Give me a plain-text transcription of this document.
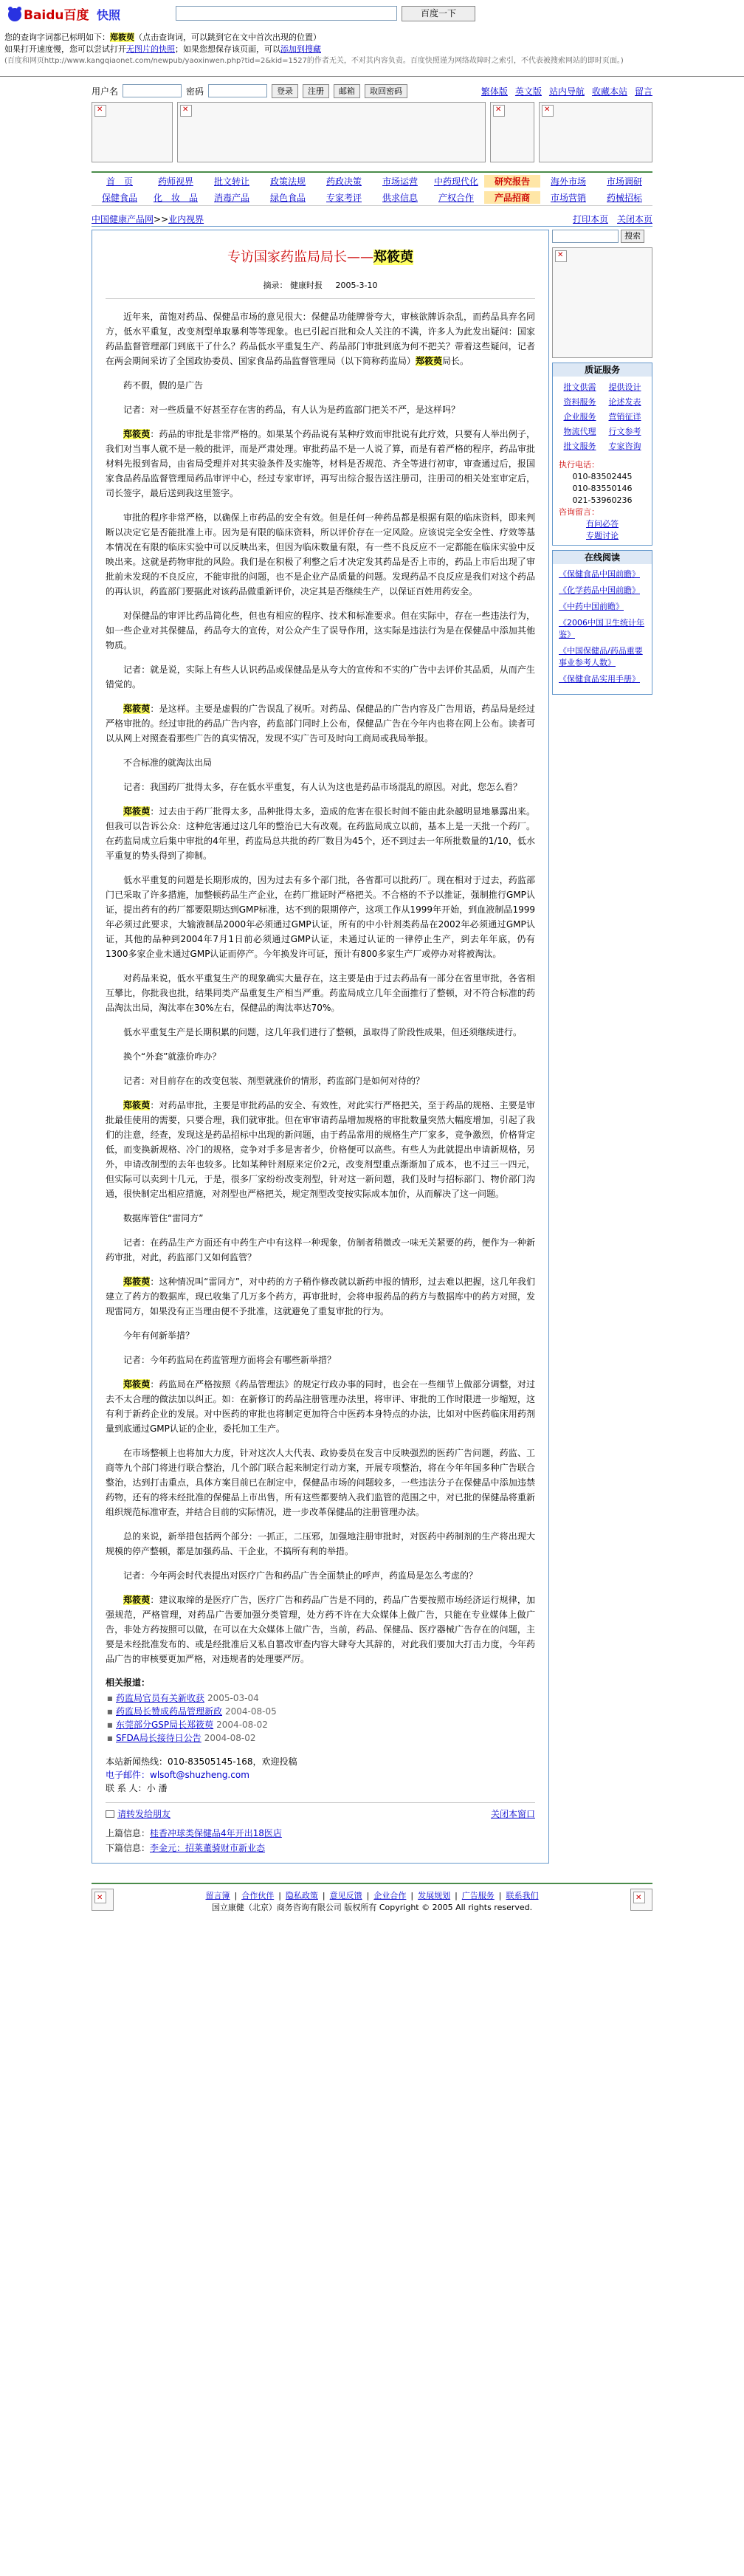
Baidu百度 快照	百度一下
您的查询字词都已标明如下：郑筱萸（点击查询词，可以跳到它在文中首次出现的位置）
如果打开速度慢，您可以尝试打开无图片的快照；如果您想保存该页面，可以添加到搜藏
(百度和网页http://www.kangqiaonet.com/newpub/yaoxinwen.php?tid=2&kid=1527的作者无关，不对其内容负责。百度快照谨为网络故障时之索引，不代表被搜索网站的即时页面。)
用户名	密码	登录	注册	邮箱	取回密码	繁体版 英文版 站内导航 收藏本站 留言
✕
✕
✕
✕
首　页	药师视界	批文转让	政策法规	药政决策	市场运营	中药现代化	研究报告	海外市场	市场调研
保健食品	化　妆　品	消毒产品	绿色食品	专家考评	供求信息	产权合作	产品招商	市场营销	药械招标
中国健康产品网 >> 业内视界	打印本页 关闭本页
专访国家药监局局长——郑筱萸
摘录： 健康时报 2005-3-10
近年来，苗饱对药品、保健品市场的意见很大：保健品功能牌誉夸大，审核欲牌诉杂乱，而药品具弃名同方，低水平重复，改变剂型单取暴利等等现象。也已引起百批和众人关注的不满，许多人为此发出疑问：国家药品监督管理部门到底干了什么？药品低水平重复生产、药品部门审批到底为何不把关？带着这些疑问，记者在两会期间采访了全国政协委员、国家食品药品监督管理局（以下简称药监局）郑筱萸局长。
药不假，假的是广告
记者：对一些质量不好甚至存在害的药品，有人认为是药监部门把关不严，是这样吗？
郑筱萸：药品的审批是非常严格的。如果某个药品说有某种疗效而审批说有此疗效，只要有人举出例子，我们对当事人就不是一般的批评，而是严肃处理。审批药品不是一人说了算，而是有着严格的程序，药品审批材料先报到省局，由省局受理并对其实验条件及实施等，材料是否规范、齐全等进行初审，审查通过后，报国家食品药品监督管理局药品审评中心，经过专家审评，再写出综合报告送注册司，注册司的相关处室审定后，司长签字，最后送到我这里签字。
审批的程序非常严格，以确保上市药品的安全有效。但是任何一种药品都是根据有限的临床资料，即来判断以决定它是否能批准上市。因为是有限的临床资料，所以评价存在一定风险。应该说完全安全性、疗效等基本情况在有限的临床实验中可以反映出来，但因为临床数量有限，有一些不良反应不一定都能在临床实验中反映出来。这就是药物审批的风险。我们是在积极了利整之后才决定发其药品是否上市的，药品上市后出现了审批前未发现的不良反应，不能审批的问题，也不是企业产品质量的问题。发现药品不良反应是我们对这个药品的再认识，药监部门要据此对该药品做重新评价，决定其是否继续生产，以保证百姓用药安全。
对保健品的审评比药品简化些，但也有相应的程序、技术和标准要求。但在实际中，存在一些违法行为，如一些企业对其保健品，药品夸大的宣传，对公众产生了误导作用，这实际是违法行为是在保健品中添加其他物质。
记者：就是说，实际上有些人认识药品或保健品是从夸大的宣传和不实的广告中去评价其品质，从而产生错觉的。
郑筱萸：是这样。主要是虚假的广告误乱了视听。对药品、保健品的广告内容及广告用语，药品局是经过严格审批的。经过审批的药品广告内容，药监部门同时上公布，保健品广告在今年内也将在网上公布。读者可以从网上对照查看那些广告的真实情况，发现不实广告可及时向工商局或我局举报。
不合标准的就淘汰出局
记者：我国药厂批得太多，存在低水平重复，有人认为这也是药品市场混乱的原因。对此，您怎么看？
郑筱萸：过去由于药厂批得太多，品种批得太多，造成的危害在很长时间不能由此杂越明显地暴露出来。但我可以告诉公众：这种危害通过这几年的整治已大有改观。在药监局成立以前，基本上是一天批一个药厂。在药监局成立后集中审批的4年里，药监局总共批的药厂数目为45个，还不到过去一年所批数量的1/10，低水平重复的势头得到了抑制。
低水平重复的问题是长期形成的，因为过去有多个部门批，各省都可以批药厂。现在相对于过去，药监部门已采取了许多措施，加整顿药品生产企业，在药厂推证时严格把关。不合格的不予以推证，强制推行GMP认证，提出药有的药厂都要限期达到GMP标准，达不到的限期停产，这项工作从1999年开始，到血液制品1999年必须过此要求，大输液制品2000年必须通过GMP认证，所有的中小针剂类药品在2002年必须通过GMP认证，其他的品种到2004年7月1日前必须通过GMP认证，未通过认证的一律停止生产，到去年年底，仍有1300多家企业未通过GMP认证而停产。今年换发许可证，预计有800多家生产厂或停办对将被淘汰。
对药品来说，低水平重复生产的现象确实大量存在，这主要是由于过去药品有一部分在省里审批，各省相互攀比，你批我也批，结果同类产品重复生产相当严重。药监局成立几年全面推行了整顿，对不符合标准的药品淘汰出局，淘汰率在30%左右，保健品的淘汰率达70%。
低水平重复生产是长期积累的问题，这几年我们进行了整顿，虽取得了阶段性成果，但还须继续进行。
换个“外套”就涨价咋办？
记者：对目前存在的改变包装、剂型就涨价的情形，药监部门是如何对待的？
郑筱萸：对药品审批，主要是审批药品的安全、有效性，对此实行严格把关，至于药品的规格、主要是审批最佳使用的需要，只要合理，我们就审批。但在审审请药品增加规格的审批数量突然大幅度增加，引起了我们的注意，经查，发现这是药品招标中出现的新问题，由于药品常用的规格生产厂家多，竞争激烈，价格背定低，而变换新规格、冷门的规格，竞争对手多是害者少，价格便可以高些。有些人为此就提出申请新规格，另外，申请改制型的去年也较多。比如某种针剂原来定价2元，改变剂型重点渐渐加了成本，也不过三一四元，但实际可以卖到十几元，于是，很多厂家纷纷改变剂型，针对这一新问题，我们及时与招标部门、物价部门沟通，很快制定出相应措施，对剂型也严格把关，规定剂型改变按实际成本加价，从而解决了这一问题。
数据库管住“雷同方”
记者：在药品生产方面还有中药生产中有这样一种现象，仿制者稍微改一味无关紧要的药，便作为一种新药审批，对此，药监部门又如何监管？
郑筱萸：这种情况叫“雷同方”，对中药的方子稍作修改就以新药申报的情形，过去难以把握，这几年我们建立了药方的数据库，现已收集了几万多个药方，再审批时，会将申报药品的药方与数据库中的药方对照，发现雷同方，如果没有正当理由便不予批准，这就避免了重复审批的行为。
今年有何新举措？
记者：今年药监局在药监管理方面将会有哪些新举措？
郑筱萸：药监局在严格按照《药品管理法》的规定行政办事的同时，也会在一些细节上做部分调整，对过去不太合理的做法加以纠正。如：在新修订的药品注册管理办法里，将审评、审批的工作时限进一步缩短，这有利于新药企业的发展。对中医药的审批也将制定更加符合中医药本身特点的办法，比如对中医药临床用药剂量到底通过GMP认证的企业，委托加工生产。
在市场整顿上也将加大力度，针对这次人大代表、政协委员在发言中反映强烈的医药广告问题，药监、工商等九个部门将进行联合整治，几个部门联合起来制定行动方案，开展专项整治，将在今年年国多种广告联合整治，达到打击重点，具体方案目前已在制定中，保健品市场的问题较多，一些违法分子在保健品中添加违禁药物，还有的将未经批准的保健品上市出售，所有这些都要纳入我们监管的范围之中，对已批的保健品将重新组织规范标准审查，并结合目前的实际情况，进一步改革保健品的注册管理办法。
总的来说，新举措包括两个部分：一抓正，二压邪，加强地注册审批时，对医药中药制剂的生产将出现大规模的停产整顿，都是加强药品、干企业，不搞所有利的举措。
记者：今年两会时代表提出对医疗广告和药品广告全面禁止的呼声，药监局是怎么考虑的？
郑筱萸：建议取缔的是医疗广告，医疗广告和药品广告是不同的，药品广告要按照市场经济运行规律，加强规范，严格管理，对药品广告要加强分类管理，处方药不许在大众媒体上做广告，只能在专业媒体上做广告，非处方药按照可以做，在可以在大众媒体上做广告，当前，药品、保健品、医疗器械广告存在的问题，主要是未经批准发布的、或是经批准后又私自篡改审查内容大肆夸大其辞的，对此我们要加大打击力度，今年药品广告的审核要更加严格，对违规者的处理要严厉。
相关报道：
■ 药监局官员有关新收获 2005-03-04
■ 药监局长赞成药品管理新政 2004-08-05
■ 东莞部分GSP局长郑筱萸 2004-08-02
■ SFDA局长接待日公告 2004-08-02
本站新闻热线：010-83505145-168，欢迎投稿
电子邮件：wlsoft@shuzheng.com
联 系 人：小 潘
请转发给朋友	关闭本窗口
上篇信息：桂香冲球类保健品4年开出18医店
下篇信息：李金元：招莱董骑财市新业态
搜索
✕
质证服务
批文供需	提供设计
资料服务	论述发表
企业服务	营销征详
物流代理	行文参考
批文服务	专家咨询
执行电话：
010-83502445
010-83550146
021-53960236
咨询留言：
有问必答
专题讨论
在线阅读
《保健食品中国前瞻》
《化学药品中国前瞻》
《中药中国前瞻》
《2006中国卫生统计年鉴》
《中国保健品/药品重要事业参考人数》
《保健食品实用手册》
留言簿 | 合作伙伴 | 隐私政策 | 意见反馈 | 企业合作 | 发展规划 | 广告服务 | 联系我们
国立康健（北京）商务咨询有限公司 版权所有 Copyright © 2005 All rights reserved.
✕
✕
